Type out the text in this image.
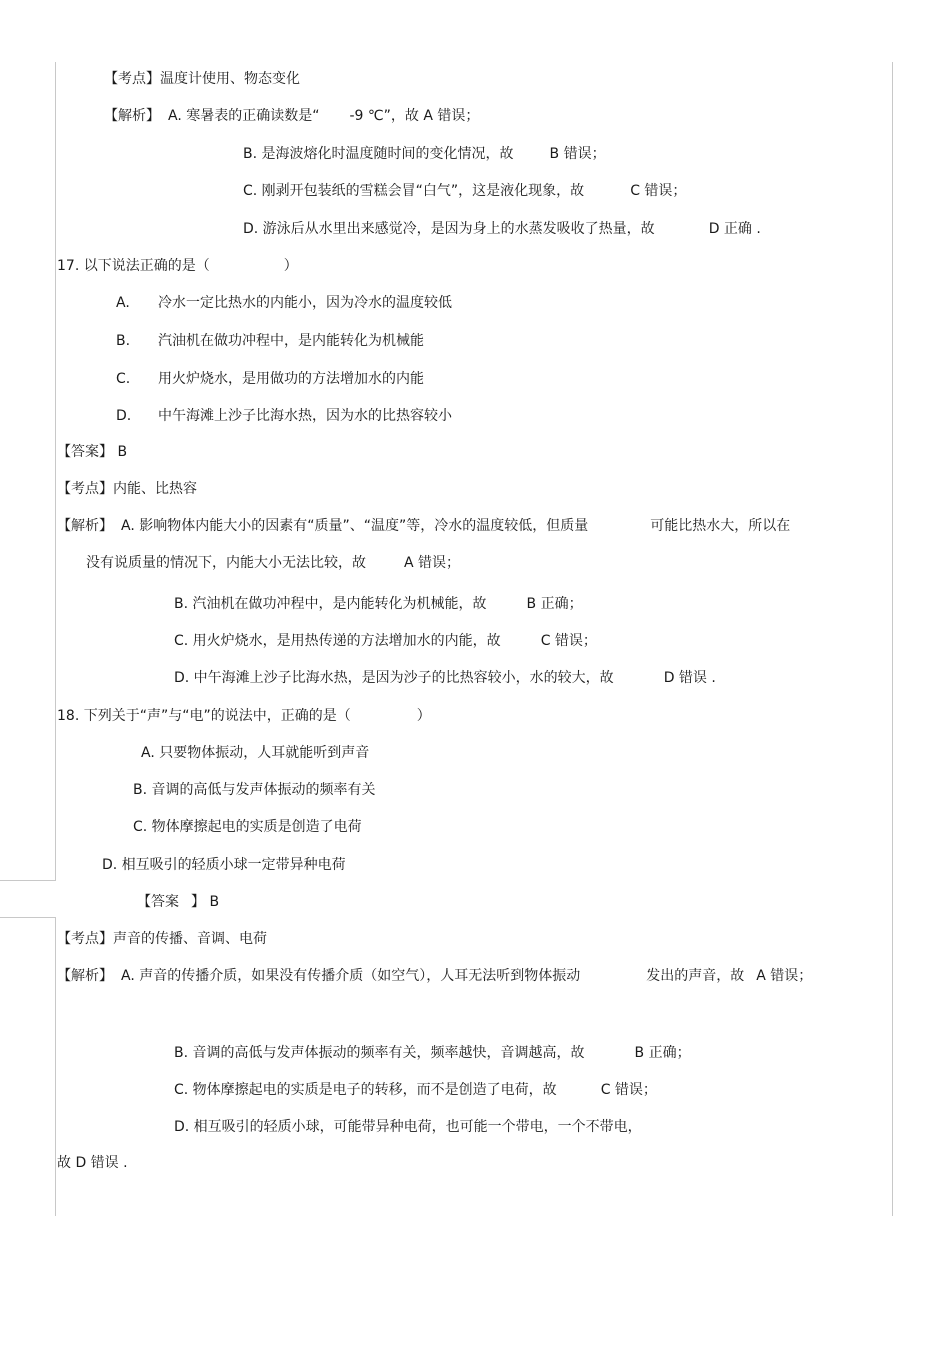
【考点】温度计使用、物态变化

【解析】 A. 寒暑表的正确读数是“ -9 ℃”，故 A 错误；

B. 是海波熔化时温度随时间的变化情况，故	B 错误；

C. 刚剥开包装纸的雪糕会冒“白气”，这是液化现象，故	C 错误；

D. 游泳后从水里出来感觉冷，是因为身上的水蒸发吸收了热量，故	D 正确 .

17. 以下说法正确的是（	）

A. 冷水一定比热水的内能小，因为冷水的温度较低

B. 汽油机在做功冲程中，是内能转化为机械能

C. 用火炉烧水，是用做功的方法增加水的内能

D. 中午海滩上沙子比海水热，因为水的比热容较小

【答案】 B

【考点】内能、比热容

【解析】 A. 影响物体内能大小的因素有“质量”、“温度”等，冷水的温度较低，但质量	可能比热水大，所以在

没有说质量的情况下，内能大小无法比较，故	A 错误；

B. 汽油机在做功冲程中，是内能转化为机械能，故	B 正确；

C. 用火炉烧水，是用热传递的方法增加水的内能，故	C 错误；

D. 中午海滩上沙子比海水热，是因为沙子的比热容较小，水的较大，故	D 错误 .

18. 下列关于“声”与“电”的说法中，正确的是（	）

A. 只要物体振动，人耳就能听到声音

B. 音调的高低与发声体振动的频率有关

C. 物体摩擦起电的实质是创造了电荷

D. 相互吸引的轻质小球一定带异种电荷

【答案 】 B

【考点】声音的传播、音调、电荷

【解析】 A. 声音的传播介质，如果没有传播介质（如空气），人耳无法听到物体振动	发出的声音，故 A 错误；

B. 音调的高低与发声体振动的频率有关，频率越快，音调越高，故	B 正确；

C. 物体摩擦起电的实质是电子的转移，而不是创造了电荷，故	C 错误；

D. 相互吸引的轻质小球，可能带异种电荷，也可能一个带电，一个不带电，

故 D 错误 .
